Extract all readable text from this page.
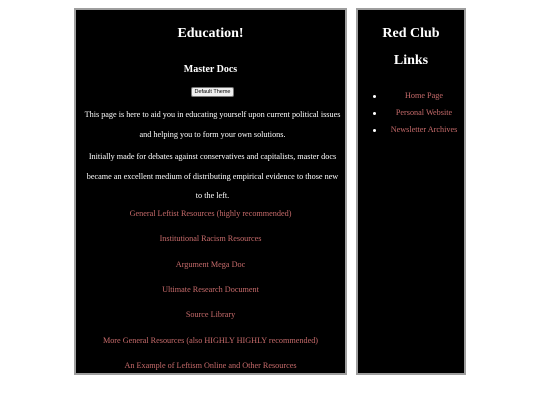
Education!
Master Docs
Default Theme

This page is here to aid you in educating yourself upon current political issues and helping you to form your own solutions.

Initially made for debates against conservatives and capitalists, master docs became an excellent medium of distributing empirical evidence to those new to the left.

General Leftist Resources (highly recommended)
Institutional Racism Resources
Argument Mega Doc
Ultimate Research Document
Source Library
More General Resources (also HIGHLY HIGHLY recommended)
An Example of Leftism Online and Other Resources
Red Club
Links
Home Page
Personal Website
Newsletter Archives
